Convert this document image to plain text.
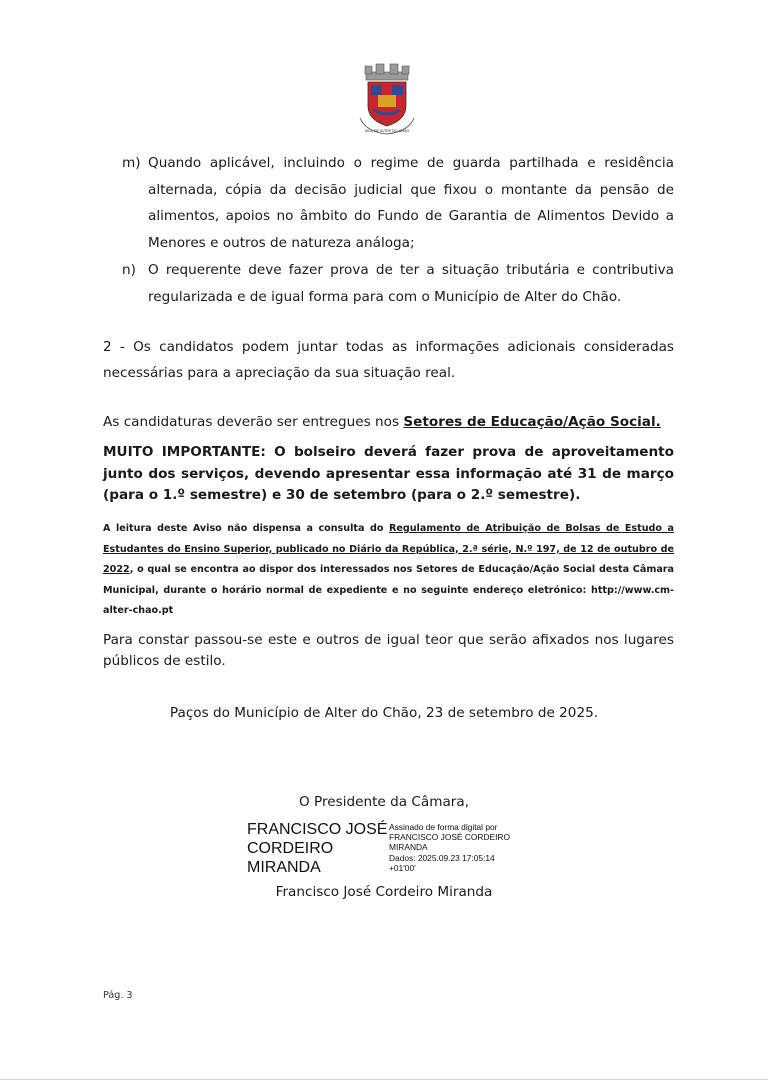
VILA DE ALTER DO CHÃO
m) Quando aplicável, incluindo o regime de guarda partilhada e residência alternada, cópia da decisão judicial que fixou o montante da pensão de alimentos, apoios no âmbito do Fundo de Garantia de Alimentos Devido a Menores e outros de natureza análoga;
n) O requerente deve fazer prova de ter a situação tributária e contributiva regularizada e de igual forma para com o Município de Alter do Chão.
2 - Os candidatos podem juntar todas as informações adicionais consideradas necessárias para a apreciação da sua situação real.
As candidaturas deverão ser entregues nos Setores de Educação/Ação Social.
MUITO IMPORTANTE: O bolseiro deverá fazer prova de aproveitamento junto dos serviços, devendo apresentar essa informação até 31 de março (para o 1.º semestre) e 30 de setembro (para o 2.º semestre).
A leitura deste Aviso não dispensa a consulta do Regulamento de Atribuição de Bolsas de Estudo a Estudantes do Ensino Superior, publicado no Diário da República, 2.ª série, N.º 197, de 12 de outubro de 2022, o qual se encontra ao dispor dos interessados nos Setores de Educação/Ação Social desta Câmara Municipal, durante o horário normal de expediente e no seguinte endereço eletrónico: http://www.cm-alter-chao.pt
Para constar passou-se este e outros de igual teor que serão afixados nos lugares públicos de estilo.
Paços do Município de Alter do Chão, 23 de setembro de 2025.
O Presidente da Câmara,
FRANCISCO JOSÉ
CORDEIRO
MIRANDA
Assinado de forma digital por
FRANCISCO JOSÉ CORDEIRO
MIRANDA
Dados: 2025.09.23 17:05:14
+01'00'
Francisco José Cordeiro Miranda
Pág. 3
